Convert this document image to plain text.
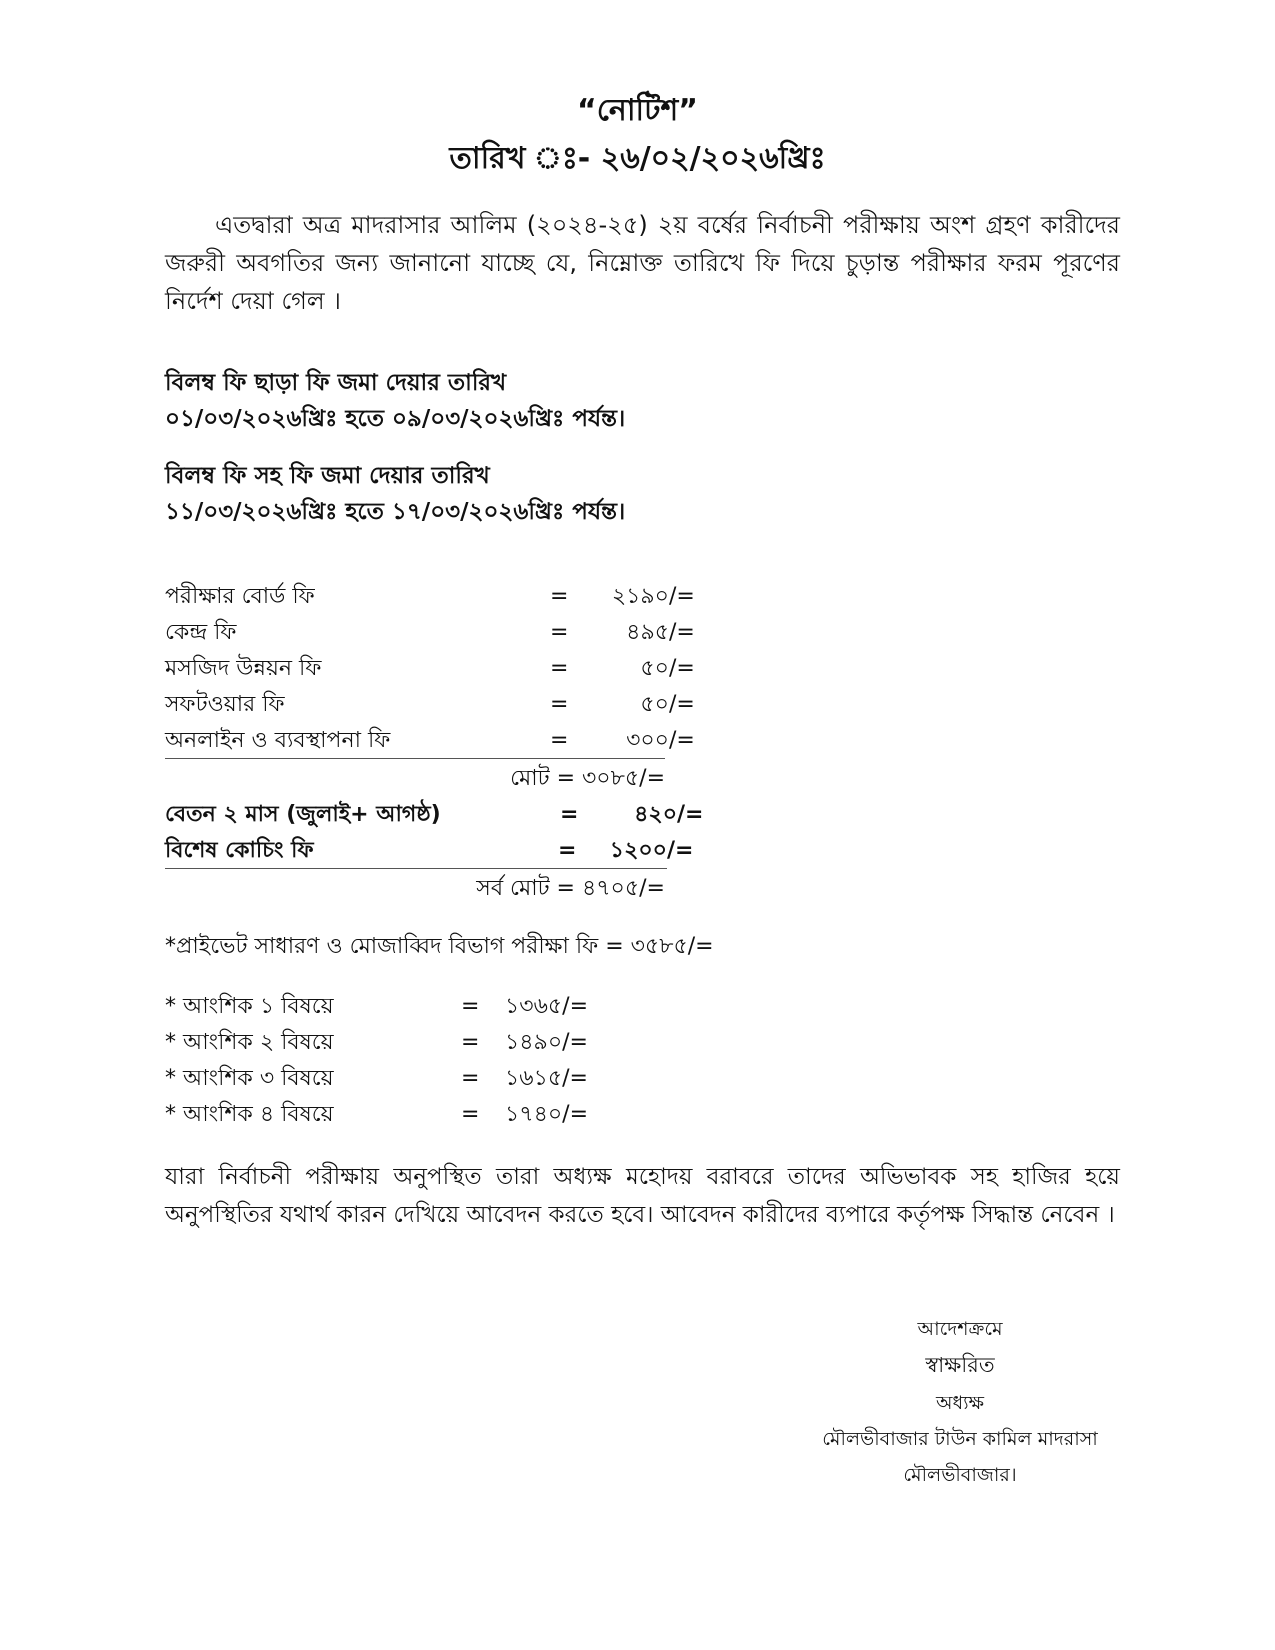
“নোটিশ”
তারিখ ঃ- ২৬/০২/২০২৬খ্রিঃ

এতদ্বারা অত্র মাদরাসার আলিম (২০২৪-২৫) ২য় বর্ষের নির্বাচনী পরীক্ষায় অংশ গ্রহণ কারীদের জরুরী অবগতির জন্য জানানো যাচ্ছে যে, নিম্নোক্ত তারিখে ফি দিয়ে চুড়ান্ত পরীক্ষার ফরম পূরণের নির্দেশ দেয়া গেল ।

বিলম্ব ফি ছাড়া ফি জমা দেয়ার তারিখ
০১/০৩/২০২৬খ্রিঃ হতে ০৯/০৩/২০২৬খ্রিঃ পর্যন্ত।
বিলম্ব ফি সহ ফি জমা দেয়ার তারিখ
১১/০৩/২০২৬খ্রিঃ হতে ১৭/০৩/২০২৬খ্রিঃ পর্যন্ত।
পরীক্ষার বোর্ড ফি	=	২১৯০ /=
কেন্দ্র ফি	=	৪৯৫ /=
মসজিদ উন্নয়ন ফি	=	৫০ /=
সফটওয়ার ফি	=	৫০ /=
অনলাইন ও ব্যবস্থাপনা ফি	=	৩০০ /=
মোট = ৩০৮৫/=
বেতন ২ মাস (জুলাই+ আগষ্ঠ)	=	৪২০ /=
বিশেষ কোচিং ফি	=	১২০০ /=
সর্ব মোট = ৪৭০৫/=
*প্রাইভেট সাধারণ ও মোজাব্বিদ বিভাগ পরীক্ষা ফি = ৩৫৮৫/=
* আংশিক ১ বিষয়ে	= ১৩৬৫/=
* আংশিক ২ বিষয়ে	= ১৪৯০/=
* আংশিক ৩ বিষয়ে	= ১৬১৫/=
* আংশিক ৪ বিষয়ে	= ১৭৪০/=

যারা নির্বাচনী পরীক্ষায় অনুপস্থিত তারা অধ্যক্ষ মহোদয় বরাবরে তাদের অভিভাবক সহ হাজির হয়ে অনুপস্থিতির যথার্থ কারন দেখিয়ে আবেদন করতে হবে। আবেদন কারীদের ব্যপারে কর্তৃপক্ষ সিদ্ধান্ত নেবেন ।

আদেশক্রমে
স্বাক্ষরিত
অধ্যক্ষ
মৌলভীবাজার টাউন কামিল মাদরাসা
মৌলভীবাজার।
